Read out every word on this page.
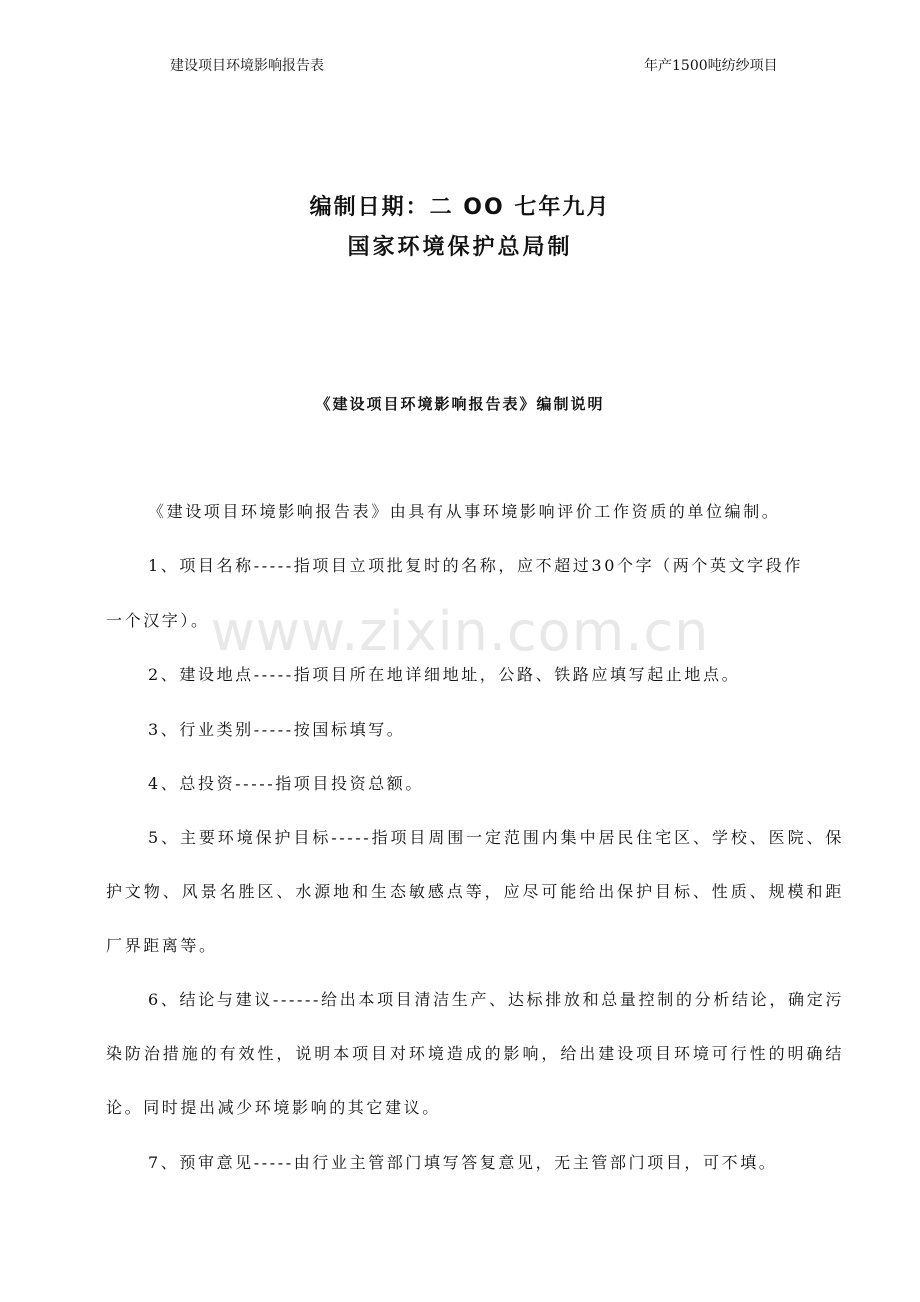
建设项目环境影响报告表	年产1500吨纺纱项目
编制日期：二 OO 七年九月
国家环境保护总局制
《建设项目环境影响报告表》编制说明

《建设项目环境影响报告表》由具有从事环境影响评价工作资质的单位编制。

1、项目名称-----指项目立项批复时的名称，应不超过30个字（两个英文字段作

一个汉字）。

2、建设地点-----指项目所在地详细地址，公路、铁路应填写起止地点。

3、行业类别-----按国标填写。

4、总投资-----指项目投资总额。

5、主要环境保护目标-----指项目周围一定范围内集中居民住宅区、学校、医院、保护文物、风景名胜区、水源地和生态敏感点等，应尽可能给出保护目标、性质、规模和距厂界距离等。

6、结论与建议------给出本项目清洁生产、达标排放和总量控制的分析结论，确定污染防治措施的有效性，说明本项目对环境造成的影响，给出建设项目环境可行性的明确结论。同时提出减少环境影响的其它建议。

7、预审意见-----由行业主管部门填写答复意见，无主管部门项目，可不填。

www.zixin.com.cn
